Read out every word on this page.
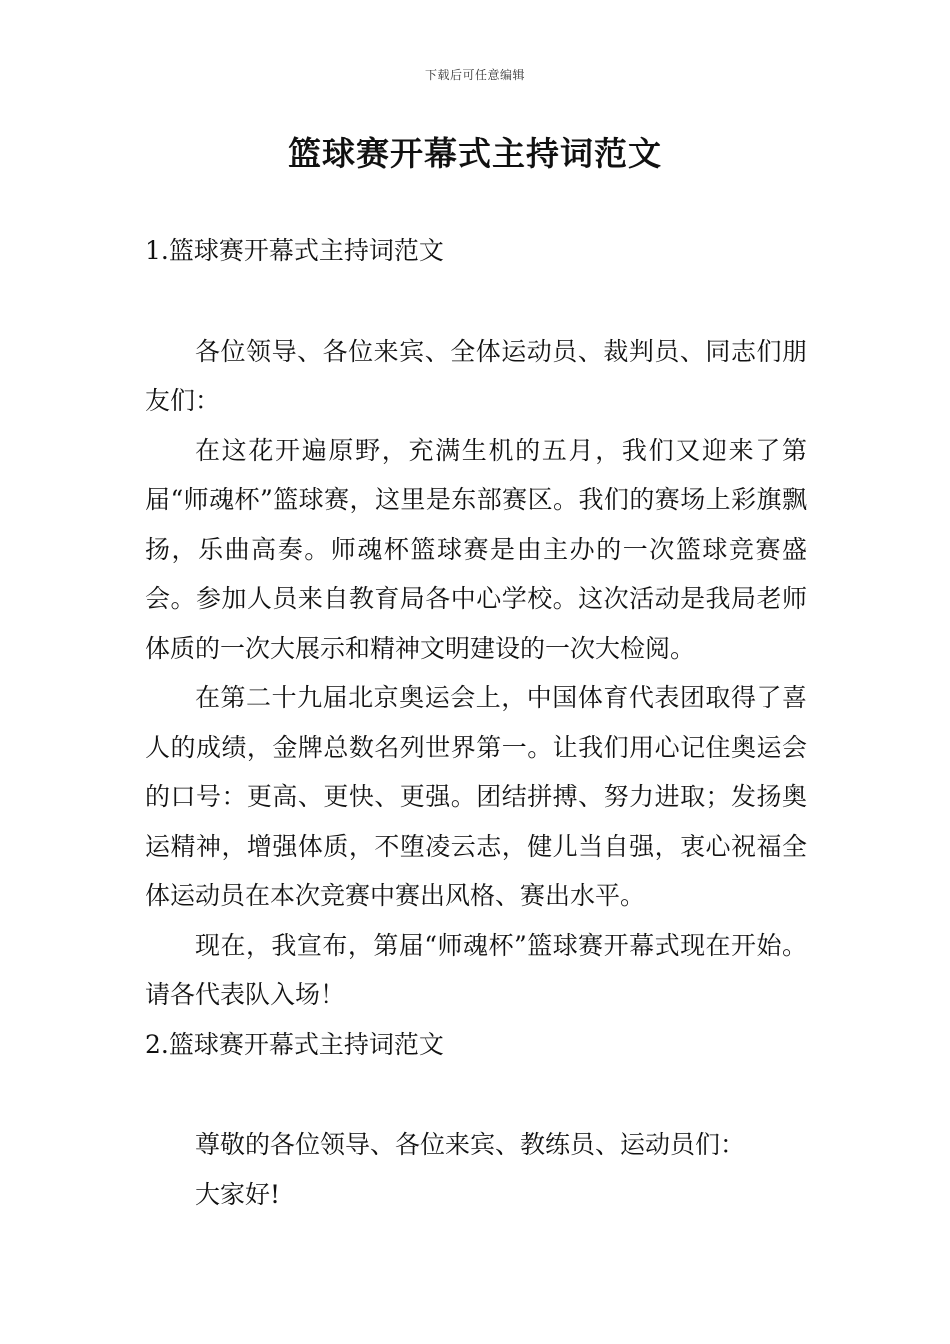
下载后可任意编辑
篮球赛开幕式主持词范文
1.篮球赛开幕式主持词范文

各位领导、各位来宾、全体运动员、裁判员、同志们朋友们：

在这花开遍原野，充满生机的五月，我们又迎来了第届“师魂杯”篮球赛，这里是东部赛区。我们的赛场上彩旗飘扬，乐曲高奏。师魂杯篮球赛是由主办的一次篮球竞赛盛会。参加人员来自教育局各中心学校。这次活动是我局老师体质的一次大展示和精神文明建设的一次大检阅。

在第二十九届北京奥运会上，中国体育代表团取得了喜人的成绩，金牌总数名列世界第一。让我们用心记住奥运会的口号：更高、更快、更强。团结拼搏、努力进取；发扬奥运精神，增强体质，不堕凌云志，健儿当自强，衷心祝福全体运动员在本次竞赛中赛出风格、赛出水平。

现在，我宣布，第届“师魂杯”篮球赛开幕式现在开始。请各代表队入场！

2.篮球赛开幕式主持词范文

尊敬的各位领导、各位来宾、教练员、运动员们：

大家好!
